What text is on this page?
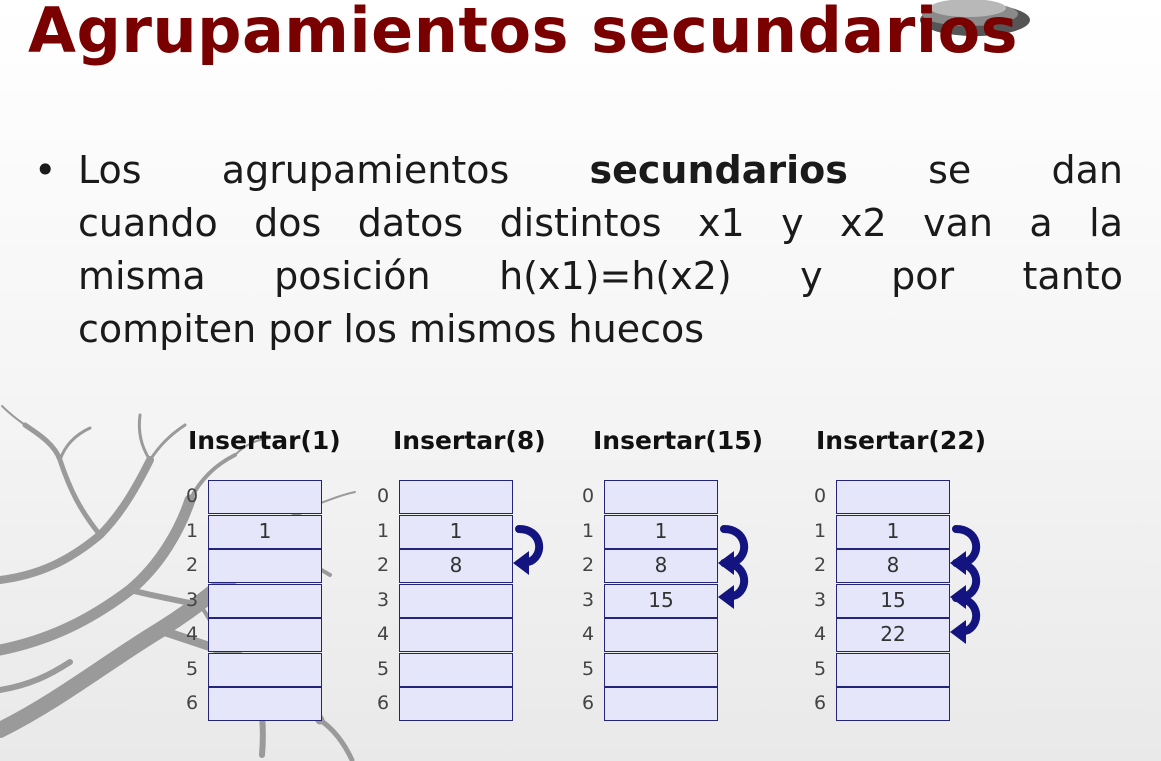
Agrupamientos secundarios
• Los agrupamientos secundarios se dan
cuando dos datos distintos x1 y x2 van a la
misma posición h(x1)=h(x2) y por tanto
compiten por los mismos huecos
Insertar(1)
0
1	1
2
3
4
5
6
Insertar(8)
0
1	1
2	8
3
4
5
6
Insertar(15)
0
1	1
2	8
3	15
4
5
6
Insertar(22)
0
1	1
2	8
3	15
4	22
5
6
